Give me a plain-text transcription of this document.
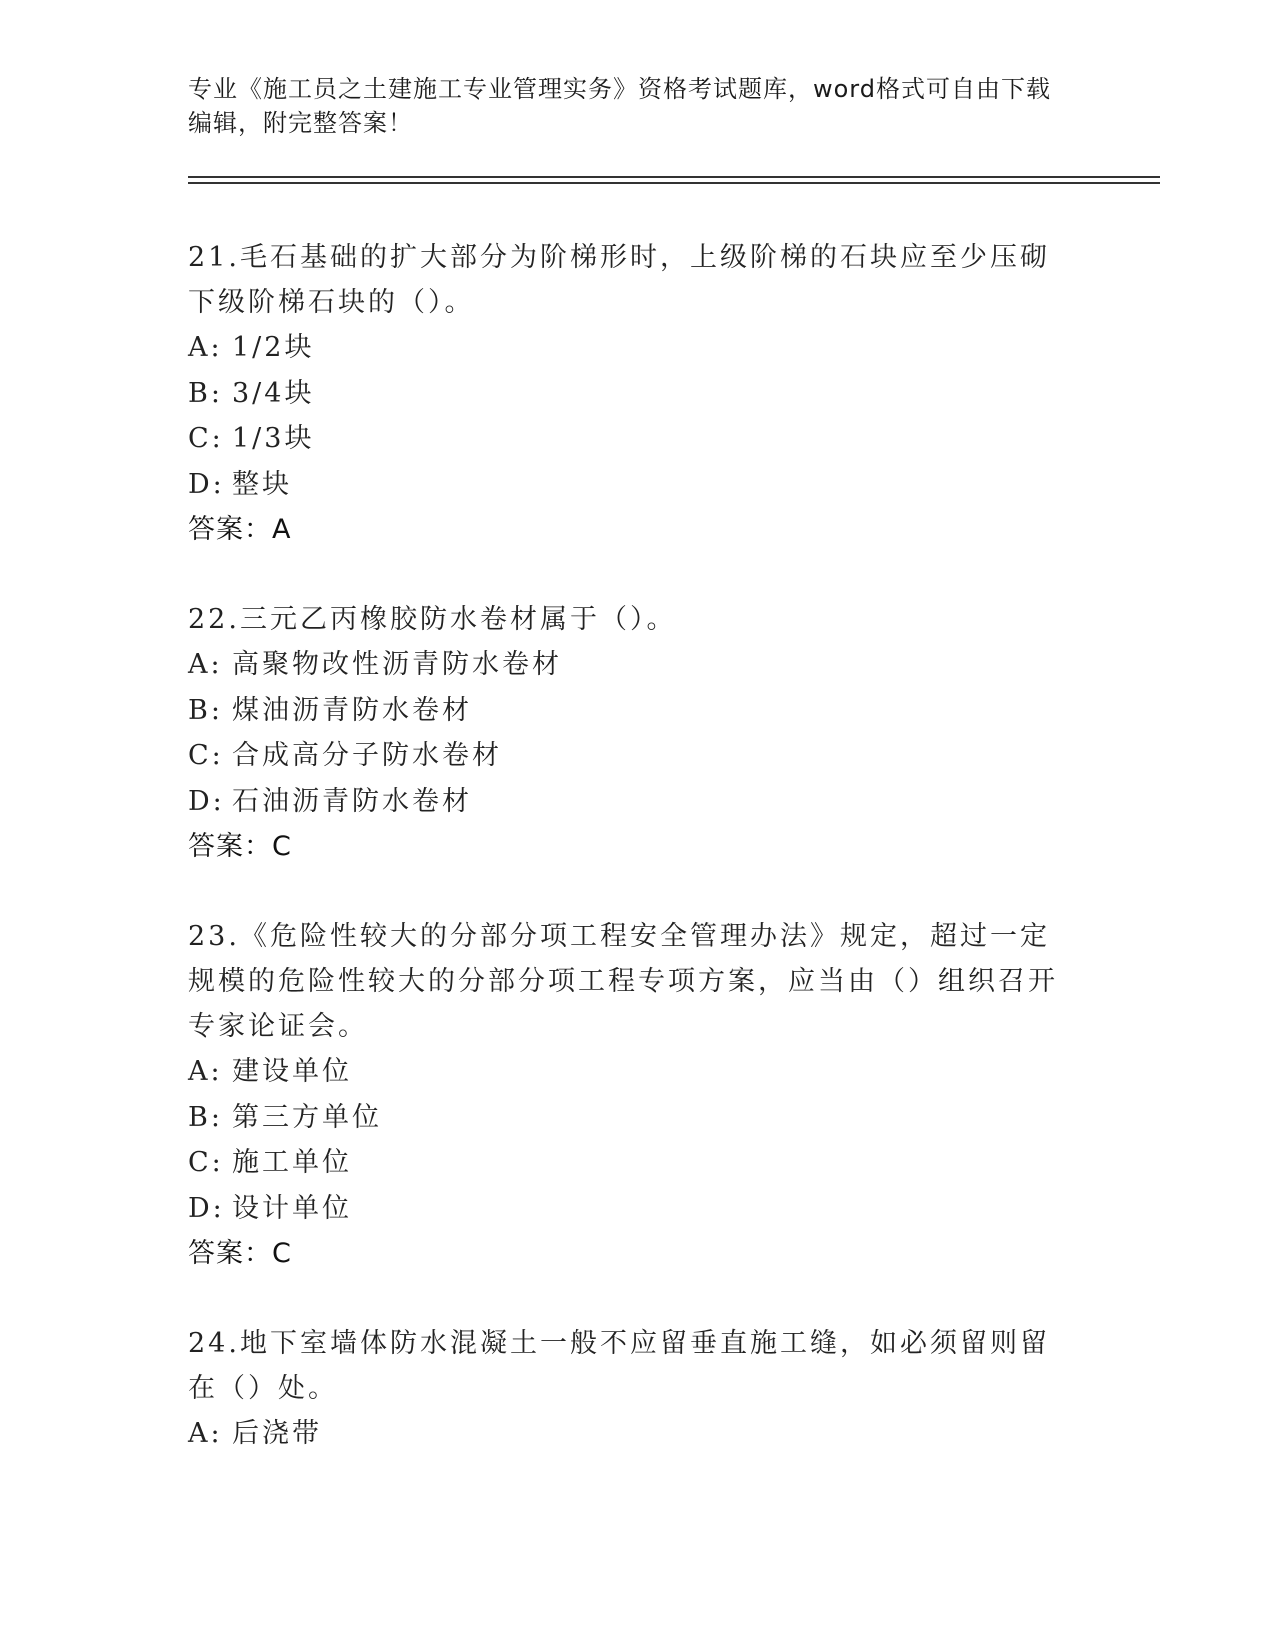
专业《施工员之土建施工专业管理实务》资格考试题库，word格式可自由下载编辑，附完整答案！
21.毛石基础的扩大部分为阶梯形时，上级阶梯的石块应至少压砌下级阶梯石块的（）。
A: 1/2块
B: 3/4块
C: 1/3块
D: 整块
答案：A
22.三元乙丙橡胶防水卷材属于（）。
A: 高聚物改性沥青防水卷材
B: 煤油沥青防水卷材
C: 合成高分子防水卷材
D: 石油沥青防水卷材
答案：C
23.《危险性较大的分部分项工程安全管理办法》规定，超过一定规模的危险性较大的分部分项工程专项方案，应当由（）组织召开专家论证会。
A: 建设单位
B: 第三方单位
C: 施工单位
D: 设计单位
答案：C
24.地下室墙体防水混凝土一般不应留垂直施工缝，如必须留则留在（）处。
A: 后浇带
